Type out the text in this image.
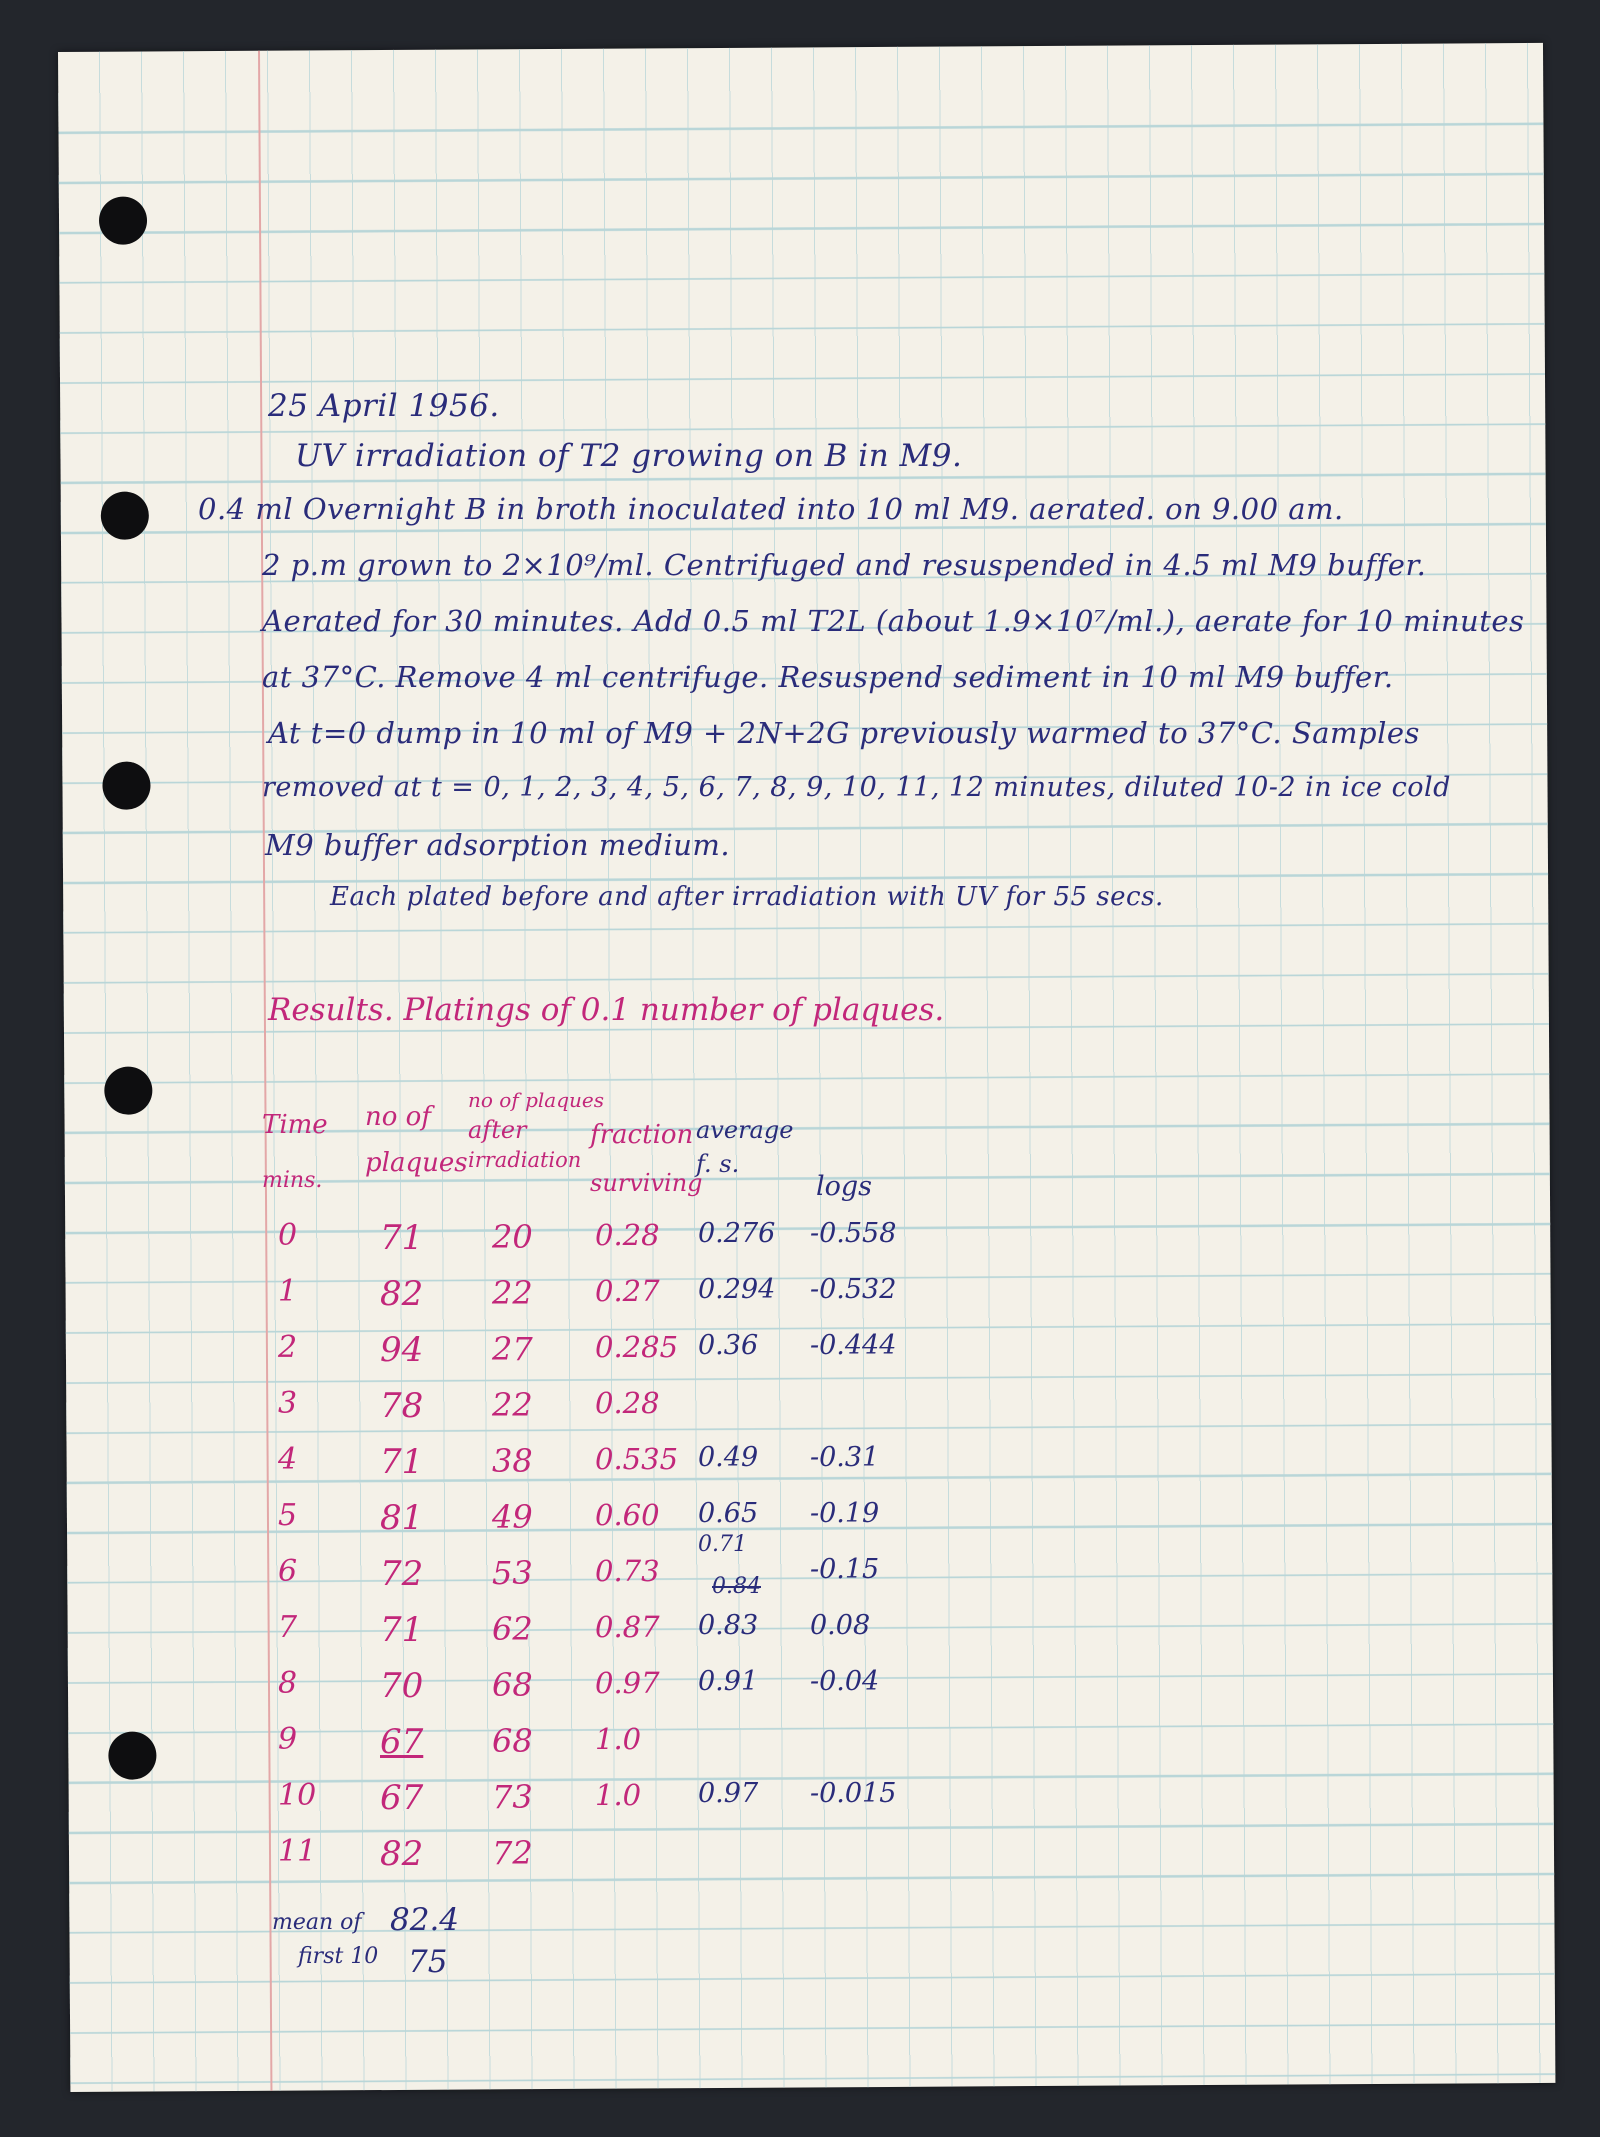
25 April 1956.
UV irradiation of T2 growing on B in M9.
0.4 ml Overnight B in broth inoculated into 10 ml M9. aerated. on 9.00 am.
2 p.m grown to 2×10⁹/ml. Centrifuged and resuspended in 4.5 ml M9 buffer.
Aerated for 30 minutes. Add 0.5 ml T2L (about 1.9×10⁷/ml.), aerate for 10 minutes
at 37°C. Remove 4 ml centrifuge. Resuspend sediment in 10 ml M9 buffer.
At t=0 dump in 10 ml of M9 + 2N+2G previously warmed to 37°C. Samples
removed at t = 0, 1, 2, 3, 4, 5, 6, 7, 8, 9, 10, 11, 12 minutes, diluted 10-2 in ice cold
M9 buffer adsorption medium.
Each plated before and after irradiation with UV for 55 secs.
Results. Platings of 0.1 number of plaques.
Time
mins.
no of
plaques
no of plaques
after
irradiation
fraction
surviving
average
f. s.
logs
0 71 20 0.28 0.276 -0.558
1 82 22 0.27 0.294 -0.532
2 94 27 0.285 0.36 -0.444
3 78 22 0.28
4 71 38 0.535 0.49 -0.31
5 81 49 0.60 0.65 -0.19
6 72 53 0.73
0.71
-0.15
7 71 62 0.87 0.83 0.08
8 70 68 0.97 0.91 -0.04
9 67 68 1.0
10 67 73 1.0 0.97 -0.015
11 82 72
0.84
mean of
first 10
82.4
75
